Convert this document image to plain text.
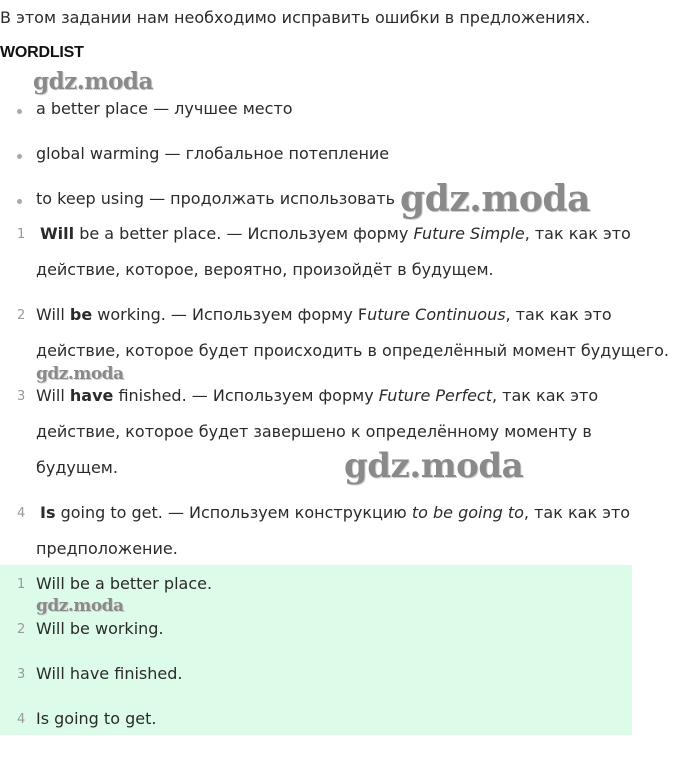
В этом задании нам необходимо исправить ошибки в предложениях.
WORDLIST
a better place — лучшее место
global warming — глобальное потепление
to keep using — продолжать использовать
1 Will be a better place. — Используем форму Future Simple, так как это
действие, которое, вероятно, произойдёт в будущем.
2 Will be working. — Используем форму Future Continuous, так как это
действие, которое будет происходить в определённый момент будущего.
3 Will have finished. — Используем форму Future Perfect, так как это
действие, которое будет завершено к определённому моменту в
будущем.
4 Is going to get. — Используем конструкцию to be going to, так как это
предположение.
1 Will be a better place.
2 Will be working.
3 Will have finished.
4 Is going to get.
gdz.moda
gdz.moda
gdz.moda
gdz.moda
gdz.moda
